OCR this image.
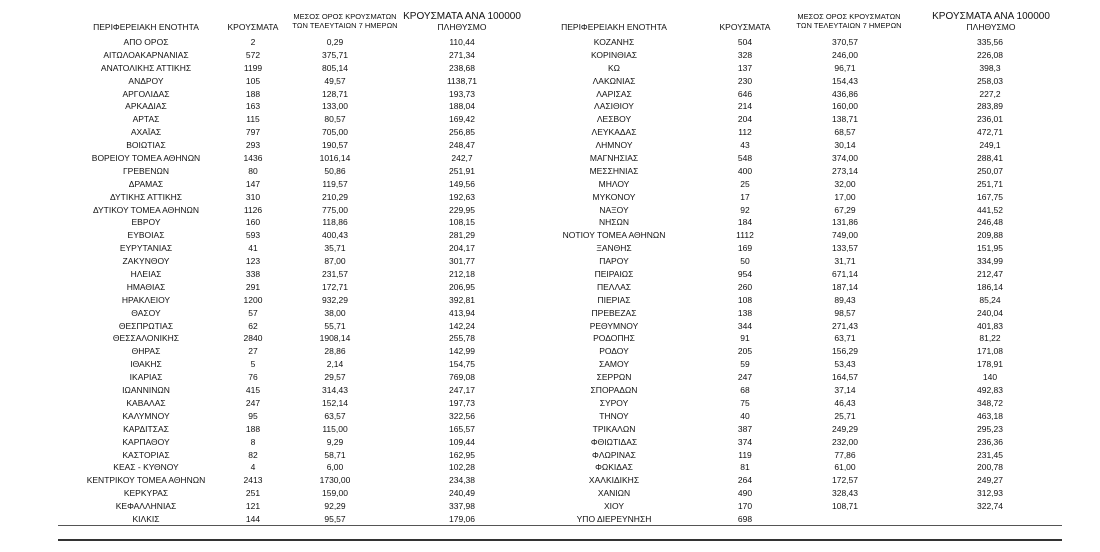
ΠΕΡΙΦΕΡΕΙΑΚΗ ΕΝΟΤΗΤΑ	ΚΡΟΥΣΜΑΤΑ
ΜΕΣΟΣ ΟΡΟΣ ΚΡΟΥΣΜΑΤΩΝ
ΤΩΝ ΤΕΛΕΥΤΑΙΩΝ 7 ΗΜΕΡΩΝ
ΚΡΟΥΣΜΑΤΑ ΑΝΑ 100000
ΠΛΗΘΥΣΜΟ	ΠΕΡΙΦΕΡΕΙΑΚΗ ΕΝΟΤΗΤΑ	ΚΡΟΥΣΜΑΤΑ
ΜΕΣΟΣ ΟΡΟΣ ΚΡΟΥΣΜΑΤΩΝ
ΤΩΝ ΤΕΛΕΥΤΑΙΩΝ 7 ΗΜΕΡΩΝ
ΚΡΟΥΣΜΑΤΑ ΑΝΑ 100000
ΠΛΗΘΥΣΜΟ
ΑΠΟ ΟΡΟΣ	2	0,29	110,44	ΚΟΖΑΝΗΣ	504	370,57	335,56
ΑΙΤΩΛΟΑΚΑΡΝΑΝΙΑΣ	572	375,71	271,34	ΚΟΡΙΝΘΙΑΣ	328	246,00	226,08
ΑΝΑΤΟΛΙΚΗΣ ΑΤΤΙΚΗΣ	1199	805,14	238,68	ΚΩ	137	96,71	398,3
ΑΝΔΡΟΥ	105	49,57	1138,71	ΛΑΚΩΝΙΑΣ	230	154,43	258,03
ΑΡΓΟΛΙΔΑΣ	188	128,71	193,73	ΛΑΡΙΣΑΣ	646	436,86	227,2
ΑΡΚΑΔΙΑΣ	163	133,00	188,04	ΛΑΣΙΘΙΟΥ	214	160,00	283,89
ΑΡΤΑΣ	115	80,57	169,42	ΛΕΣΒΟΥ	204	138,71	236,01
ΑΧΑΪΑΣ	797	705,00	256,85	ΛΕΥΚΑΔΑΣ	112	68,57	472,71
ΒΟΙΩΤΙΑΣ	293	190,57	248,47	ΛΗΜΝΟΥ	43	30,14	249,1
ΒΟΡΕΙΟΥ ΤΟΜΕΑ ΑΘΗΝΩΝ	1436	1016,14	242,7	ΜΑΓΝΗΣΙΑΣ	548	374,00	288,41
ΓΡΕΒΕΝΩΝ	80	50,86	251,91	ΜΕΣΣΗΝΙΑΣ	400	273,14	250,07
ΔΡΑΜΑΣ	147	119,57	149,56	ΜΗΛΟΥ	25	32,00	251,71
ΔΥΤΙΚΗΣ ΑΤΤΙΚΗΣ	310	210,29	192,63	ΜΥΚΟΝΟΥ	17	17,00	167,75
ΔΥΤΙΚΟΥ ΤΟΜΕΑ ΑΘΗΝΩΝ	1126	775,00	229,95	ΝΑΞΟΥ	92	67,29	441,52
ΕΒΡΟΥ	160	118,86	108,15	ΝΗΣΩΝ	184	131,86	246,48
ΕΥΒΟΙΑΣ	593	400,43	281,29	ΝΟΤΙΟΥ ΤΟΜΕΑ ΑΘΗΝΩΝ	1112	749,00	209,88
ΕΥΡΥΤΑΝΙΑΣ	41	35,71	204,17	ΞΑΝΘΗΣ	169	133,57	151,95
ΖΑΚΥΝΘΟΥ	123	87,00	301,77	ΠΑΡΟΥ	50	31,71	334,99
ΗΛΕΙΑΣ	338	231,57	212,18	ΠΕΙΡΑΙΩΣ	954	671,14	212,47
ΗΜΑΘΙΑΣ	291	172,71	206,95	ΠΕΛΛΑΣ	260	187,14	186,14
ΗΡΑΚΛΕΙΟΥ	1200	932,29	392,81	ΠΙΕΡΙΑΣ	108	89,43	85,24
ΘΑΣΟΥ	57	38,00	413,94	ΠΡΕΒΕΖΑΣ	138	98,57	240,04
ΘΕΣΠΡΩΤΙΑΣ	62	55,71	142,24	ΡΕΘΥΜΝΟΥ	344	271,43	401,83
ΘΕΣΣΑΛΟΝΙΚΗΣ	2840	1908,14	255,78	ΡΟΔΟΠΗΣ	91	63,71	81,22
ΘΗΡΑΣ	27	28,86	142,99	ΡΟΔΟΥ	205	156,29	171,08
ΙΘΑΚΗΣ	5	2,14	154,75	ΣΑΜΟΥ	59	53,43	178,91
ΙΚΑΡΙΑΣ	76	29,57	769,08	ΣΕΡΡΩΝ	247	164,57	140
ΙΩΑΝΝΙΝΩΝ	415	314,43	247,17	ΣΠΟΡΑΔΩΝ	68	37,14	492,83
ΚΑΒΑΛΑΣ	247	152,14	197,73	ΣΥΡΟΥ	75	46,43	348,72
ΚΑΛΥΜΝΟΥ	95	63,57	322,56	ΤΗΝΟΥ	40	25,71	463,18
ΚΑΡΔΙΤΣΑΣ	188	115,00	165,57	ΤΡΙΚΑΛΩΝ	387	249,29	295,23
ΚΑΡΠΑΘΟΥ	8	9,29	109,44	ΦΘΙΩΤΙΔΑΣ	374	232,00	236,36
ΚΑΣΤΟΡΙΑΣ	82	58,71	162,95	ΦΛΩΡΙΝΑΣ	119	77,86	231,45
ΚΕΑΣ - ΚΥΘΝΟΥ	4	6,00	102,28	ΦΩΚΙΔΑΣ	81	61,00	200,78
ΚΕΝΤΡΙΚΟΥ ΤΟΜΕΑ ΑΘΗΝΩΝ	2413	1730,00	234,38	ΧΑΛΚΙΔΙΚΗΣ	264	172,57	249,27
ΚΕΡΚΥΡΑΣ	251	159,00	240,49	ΧΑΝΙΩΝ	490	328,43	312,93
ΚΕΦΑΛΛΗΝΙΑΣ	121	92,29	337,98	ΧΙΟΥ	170	108,71	322,74
ΚΙΛΚΙΣ	144	95,57	179,06	ΥΠΟ ΔΙΕΡΕΥΝΗΣΗ	698
